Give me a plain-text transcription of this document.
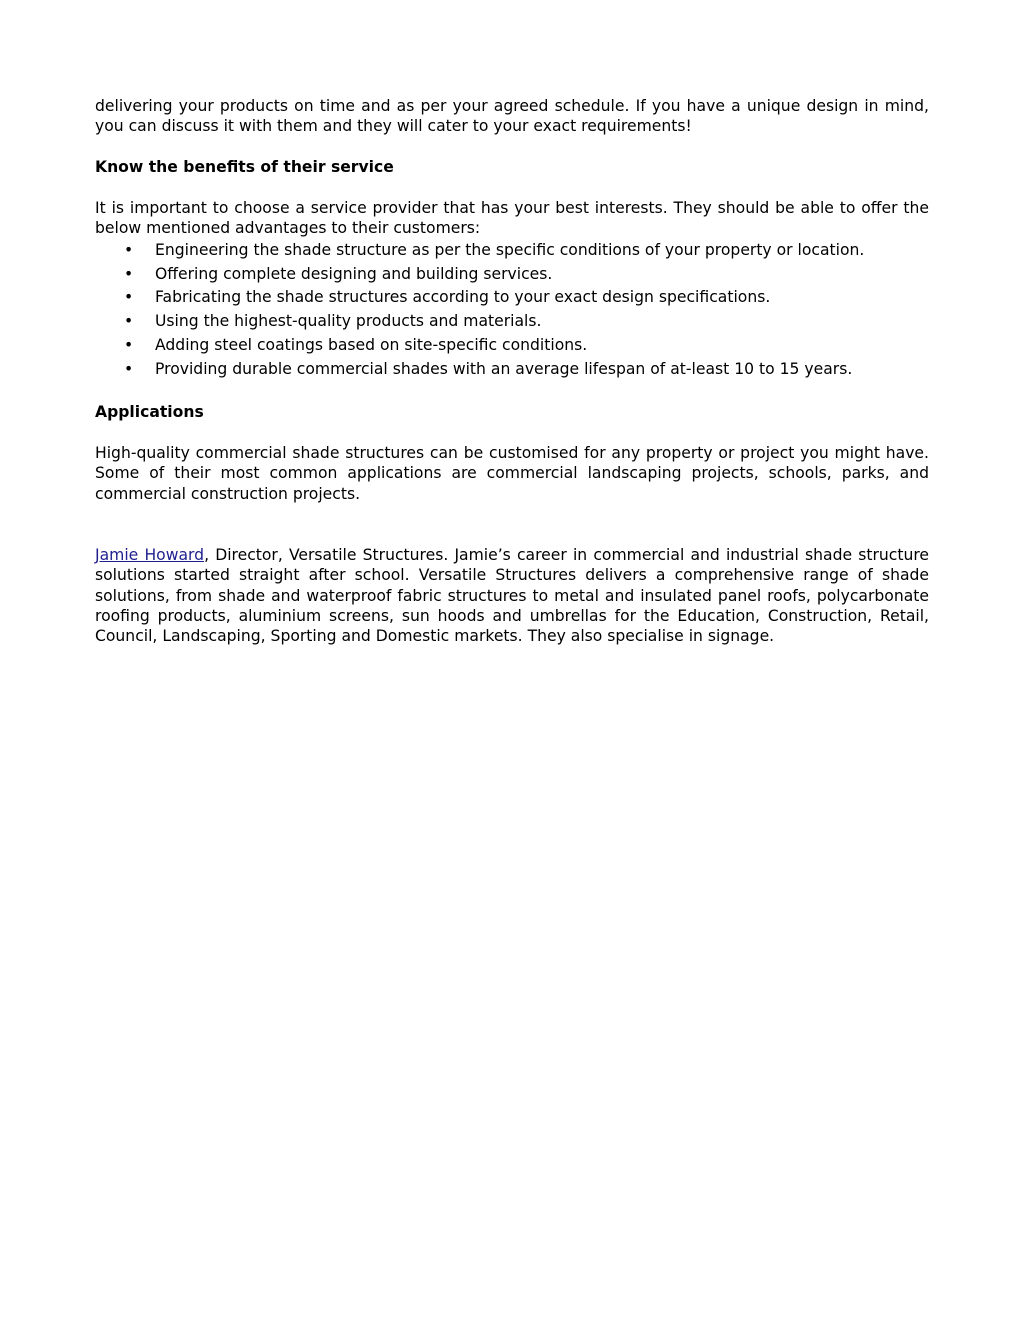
delivering your products on time and as per your agreed schedule. If you have a unique design in mind, you can discuss it with them and they will cater to your exact requirements!

Know the benefits of their service

It is important to choose a service provider that has your best interests. They should be able to offer the below mentioned advantages to their customers:

• Engineering the shade structure as per the specific conditions of your property or location.
• Offering complete designing and building services.
• Fabricating the shade structures according to your exact design specifications.
• Using the highest-quality products and materials.
• Adding steel coatings based on site-specific conditions.
• Providing durable commercial shades with an average lifespan of at-least 10 to 15 years.

Applications

High-quality commercial shade structures can be customised for any property or project you might have. Some of their most common applications are commercial landscaping projects, schools, parks, and commercial construction projects.

Jamie Howard, Director, Versatile Structures. Jamie’s career in commercial and industrial shade structure solutions started straight after school. Versatile Structures delivers a comprehensive range of shade solutions, from shade and waterproof fabric structures to metal and insulated panel roofs, polycarbonate roofing products, aluminium screens, sun hoods and umbrellas for the Education, Construction, Retail, Council, Landscaping, Sporting and Domestic markets. They also specialise in signage.
